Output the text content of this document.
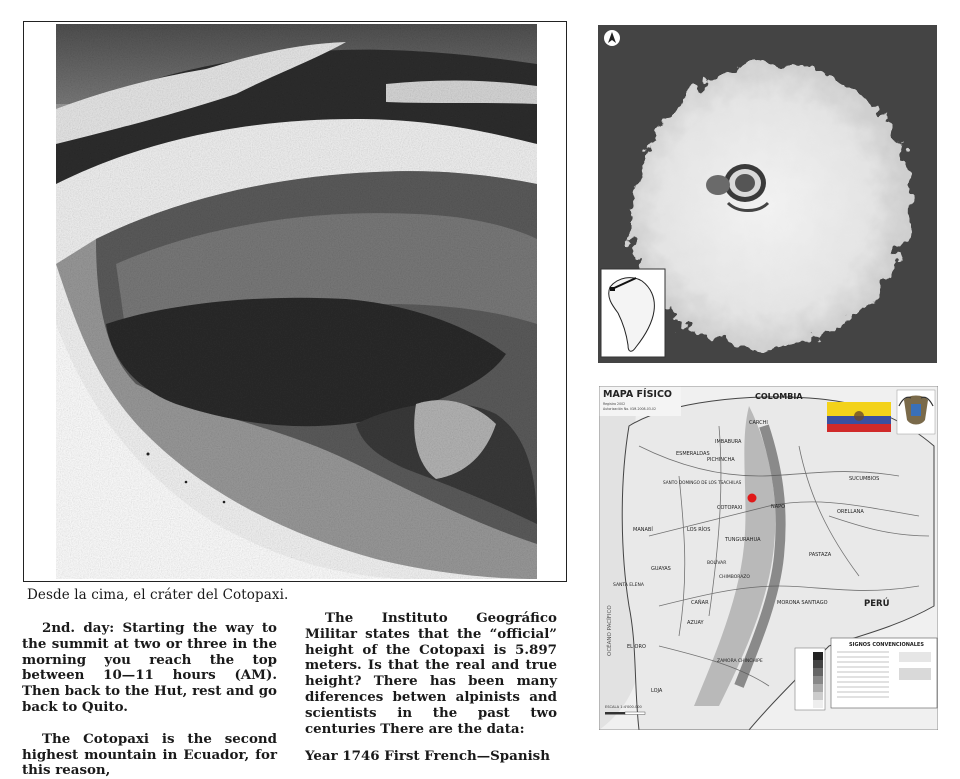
Desde la cima, el cráter del Cotopaxi.

2nd. day: Starting the way to the summit at two or three in the morning you reach the top between 10—11 hours (AM). Then back to the Hut, rest and go back to Quito.

The Cotopaxi is the second highest mountain in Ecuador, for this reason,

The Instituto Geográfico Militar states that the “official” height of the Cotopaxi is 5.897 meters. Is that the real and true height? There has been many diferences betwen alpinists and scientists in the past two centuries There are the data:

Year 1746 First French—Spanish

MAPA FÍSICO
Registro 2002
Autorización No. IGM-2008-03-02
COLOMBIA
PERÚ
OCÉANO PACÍFICO
ESMERALDAS
CARCHI
IMBABURA
PICHINCHA
SUCUMBIOS
SANTO DOMINGO DE LOS TSACHILAS
COTOPAXI	NAPO
ORELLANA
MANABÍ	LOS RÍOS
TUNGURAHUA
BOLÍVAR
PASTAZA
CHIMBORAZO
GUAYAS
SANTA ELENA
MORONA SANTIAGO
CAÑAR
AZUAY
EL ORO
ZAMORA CHINCHIPE
LOJA
SIGNOS CONVENCIONALES
ESCALA 1:4'000.000
